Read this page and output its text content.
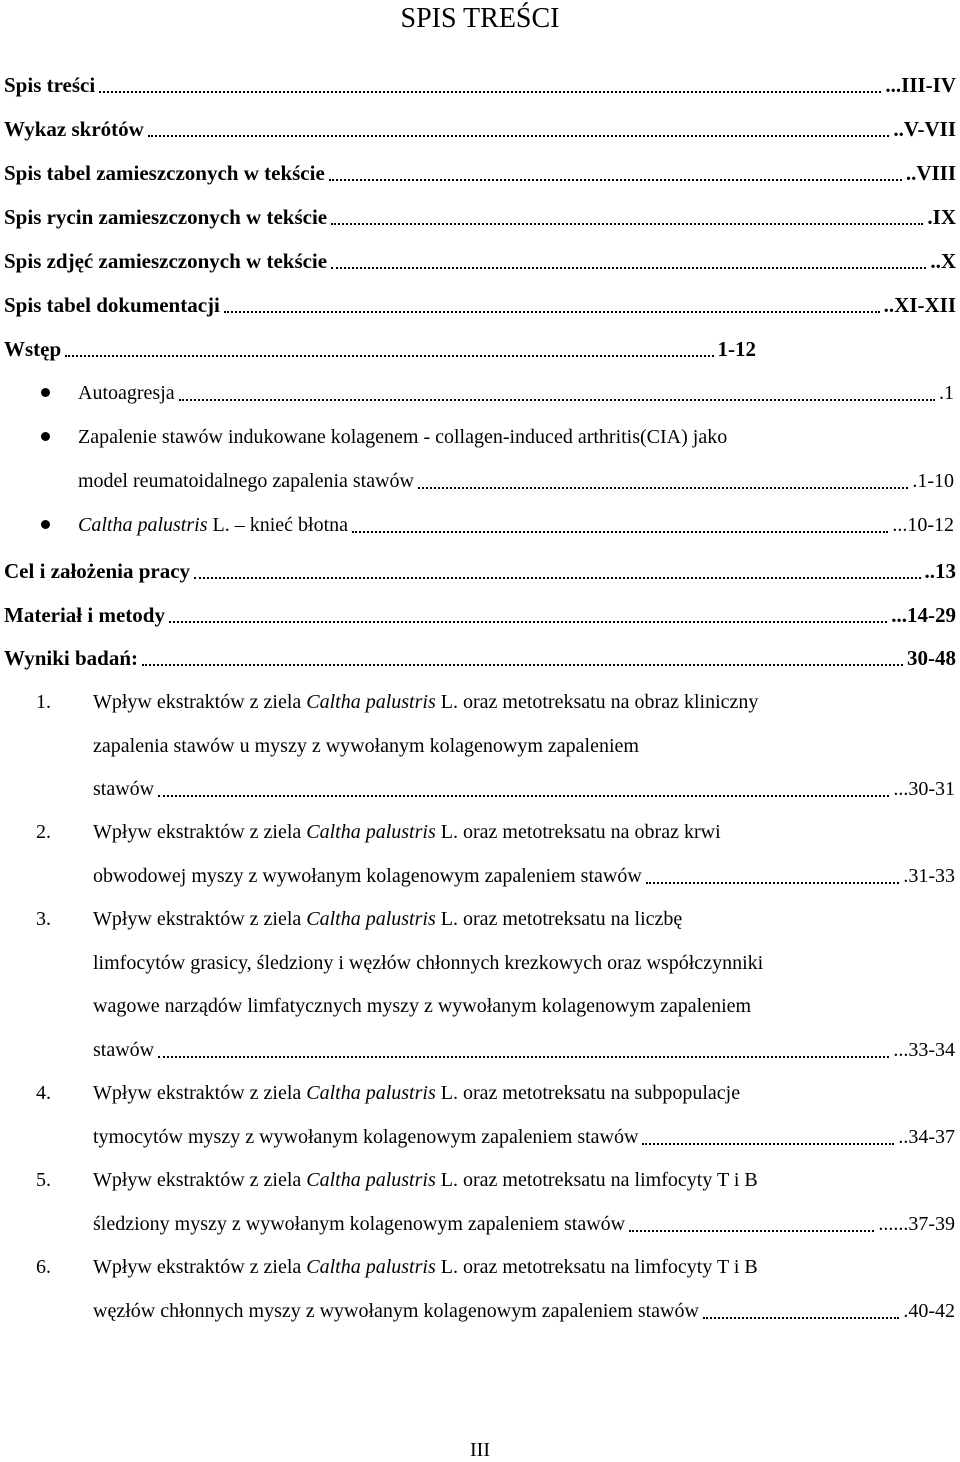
SPIS TREŚCI
Spis treści	...III-IV
Wykaz skrótów	..V-VII
Spis tabel zamieszczonych w tekście	..VIII
Spis rycin zamieszczonych w tekście	.IX
Spis zdjęć zamieszczonych w tekście	..X
Spis tabel dokumentacji	..XI-XII
Wstęp	1-12
Autoagresja	.1
Zapalenie stawów indukowane kolagenem - collagen-induced arthritis(CIA) jako
model reumatoidalnego zapalenia stawów	.1-10
Caltha palustris L. – knieć błotna	...10-12
Cel i założenia pracy	..13
Materiał i metody	...14-29
Wyniki badań:	30-48
1.	Wpływ ekstraktów z ziela Caltha palustris L. oraz metotreksatu na obraz kliniczny
zapalenia stawów u myszy z wywołanym kolagenowym zapaleniem
stawów	...30-31
2.	Wpływ ekstraktów z ziela Caltha palustris L. oraz metotreksatu na obraz krwi
obwodowej myszy z wywołanym kolagenowym zapaleniem stawów	.31-33
3.	Wpływ ekstraktów z ziela Caltha palustris L. oraz metotreksatu na liczbę
limfocytów grasicy, śledziony i węzłów chłonnych krezkowych oraz współczynniki
wagowe narządów limfatycznych myszy z wywołanym kolagenowym zapaleniem
stawów	...33-34
4.	Wpływ ekstraktów z ziela Caltha palustris L. oraz metotreksatu na subpopulacje
tymocytów myszy z wywołanym kolagenowym zapaleniem stawów	..34-37
5.	Wpływ ekstraktów z ziela Caltha palustris L. oraz metotreksatu na limfocyty T i B
śledziony myszy z wywołanym kolagenowym zapaleniem stawów	......37-39
6.	Wpływ ekstraktów z ziela Caltha palustris L. oraz metotreksatu na limfocyty T i B
węzłów chłonnych myszy z wywołanym kolagenowym zapaleniem stawów	.40-42
III
